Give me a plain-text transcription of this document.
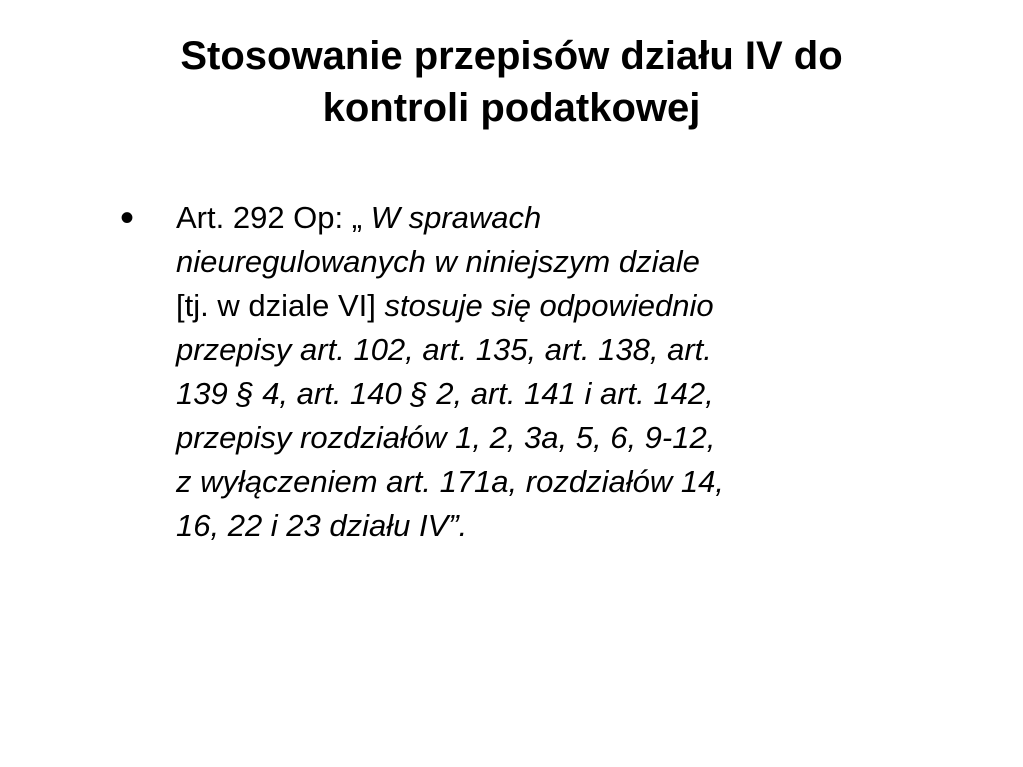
Stosowanie przepisów działu IV do
kontroli podatkowej
• Art. 292 Op: „ W sprawach
nieuregulowanych w niniejszym dziale
[tj. w dziale VI] stosuje się odpowiednio
przepisy art. 102, art. 135, art. 138, art.
139 § 4, art. 140 § 2, art. 141 i art. 142,
przepisy rozdziałów 1, 2, 3a, 5, 6, 9-12,
z wyłączeniem art. 171a, rozdziałów 14,
16, 22 i 23 działu IV”.
